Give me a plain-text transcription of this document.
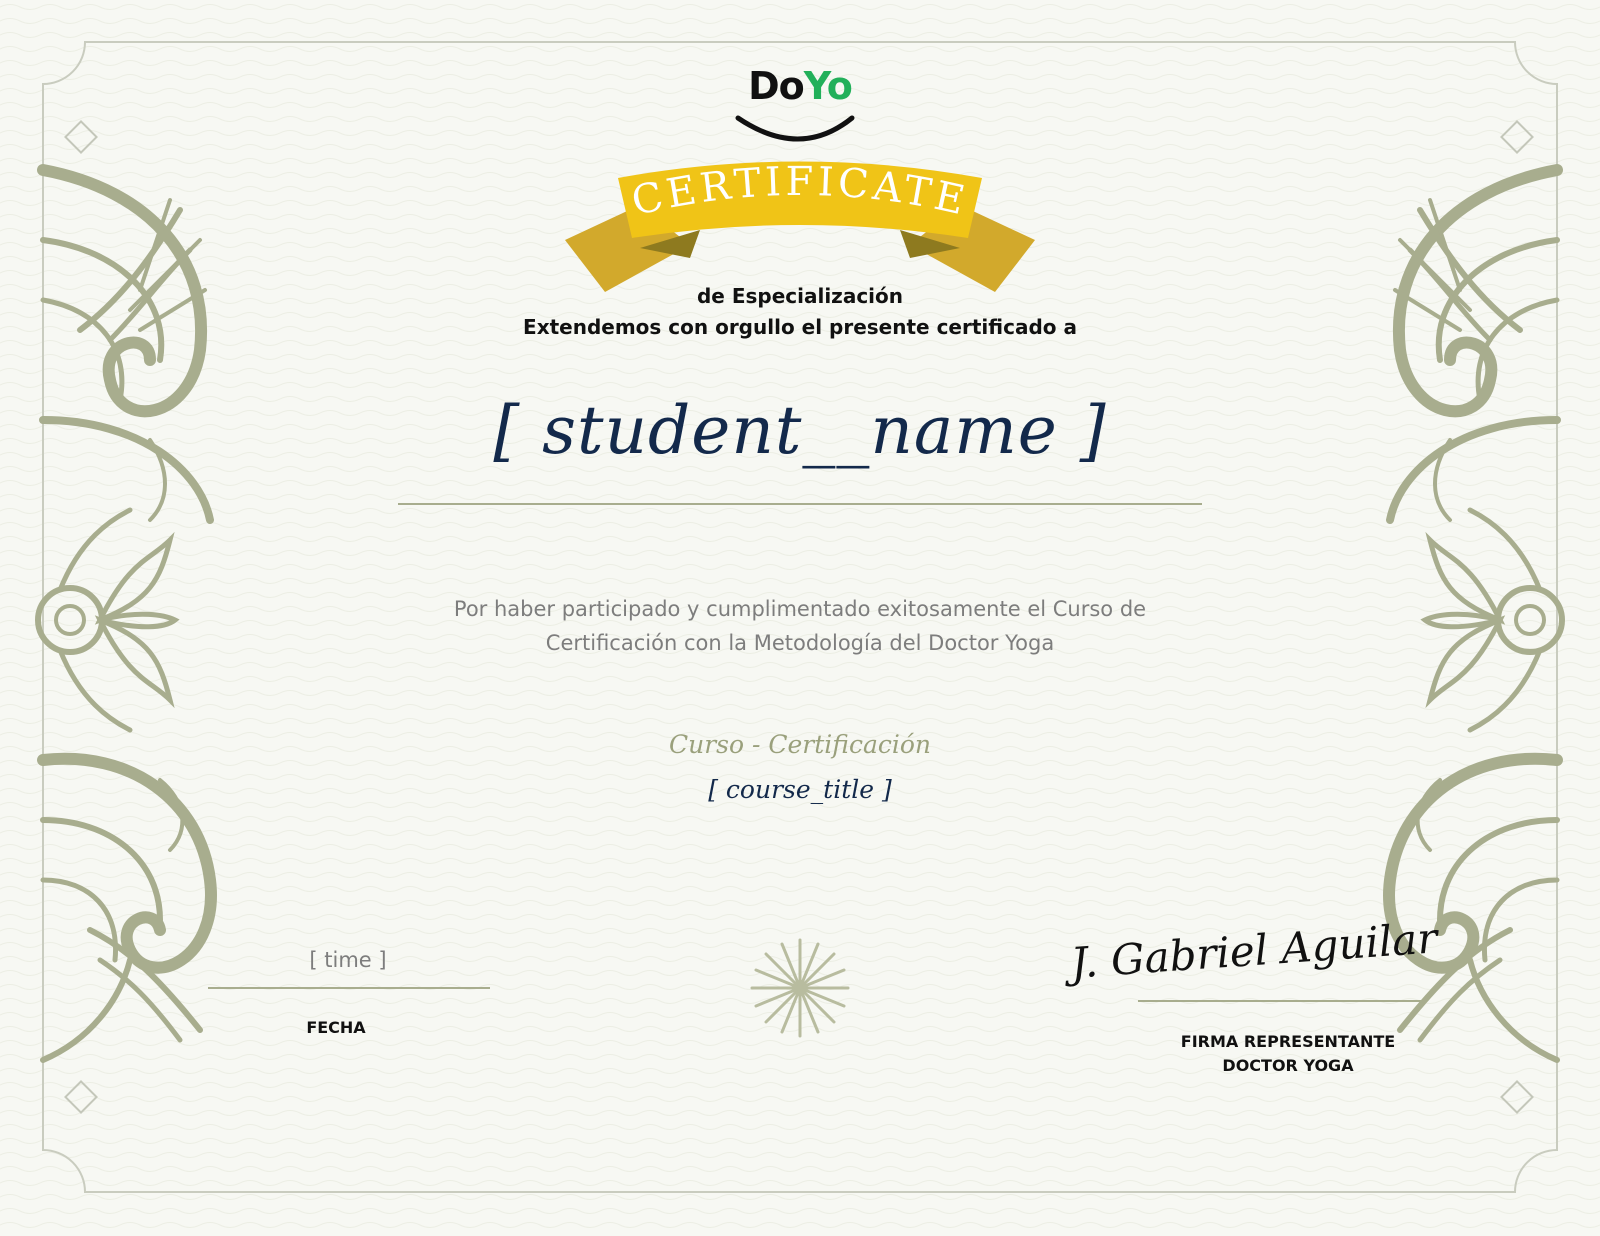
CERTIFICATE
J. Gabriel Aguilar
DoYo
de Especialización
Extendemos con orgullo el presente certificado a
[ student__name ]
Por haber participado y cumplimentado exitosamente el Curso de
Certificación con la Metodología del Doctor Yoga
Curso - Certificación
[ course_title ]
[ time ]
FECHA
FIRMA REPRESENTANTE
DOCTOR YOGA
